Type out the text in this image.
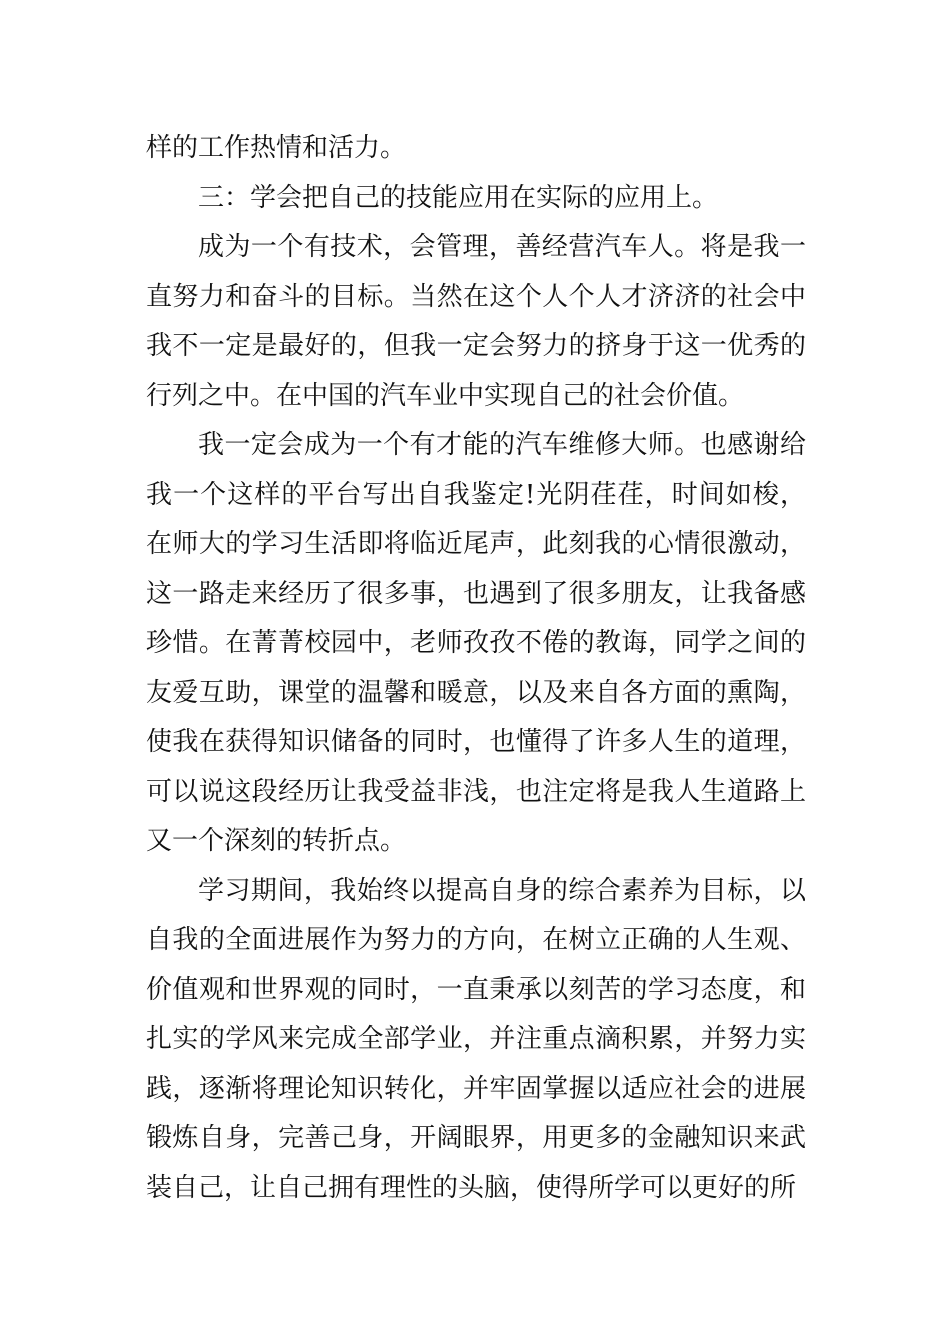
样的工作热情和活力。

三：学会把自己的技能应用在实际的应用上。

成为一个有技术，会管理，善经营汽车人。将是我一直努力和奋斗的目标。当然在这个人个人才济济的社会中我不一定是最好的，但我一定会努力的挤身于这一优秀的行列之中。在中国的汽车业中实现自己的社会价值。

我一定会成为一个有才能的汽车维修大师。也感谢给我一个这样的平台写出自我鉴定!光阴荏荏，时间如梭，在师大的学习生活即将临近尾声，此刻我的心情很激动，这一路走来经历了很多事，也遇到了很多朋友，让我备感珍惜。在菁菁校园中，老师孜孜不倦的教诲，同学之间的友爱互助，课堂的温馨和暖意，以及来自各方面的熏陶，使我在获得知识储备的同时，也懂得了许多人生的道理，可以说这段经历让我受益非浅，也注定将是我人生道路上又一个深刻的转折点。

学习期间，我始终以提高自身的综合素养为目标，以自我的全面进展作为努力的方向，在树立正确的人生观、价值观和世界观的同时，一直秉承以刻苦的学习态度，和扎实的学风来完成全部学业，并注重点滴积累，并努力实践，逐渐将理论知识转化，并牢固掌握以适应社会的进展锻炼自身，完善己身，开阔眼界，用更多的金融知识来武装自己，让自己拥有理性的头脑，使得所学可以更好的所
